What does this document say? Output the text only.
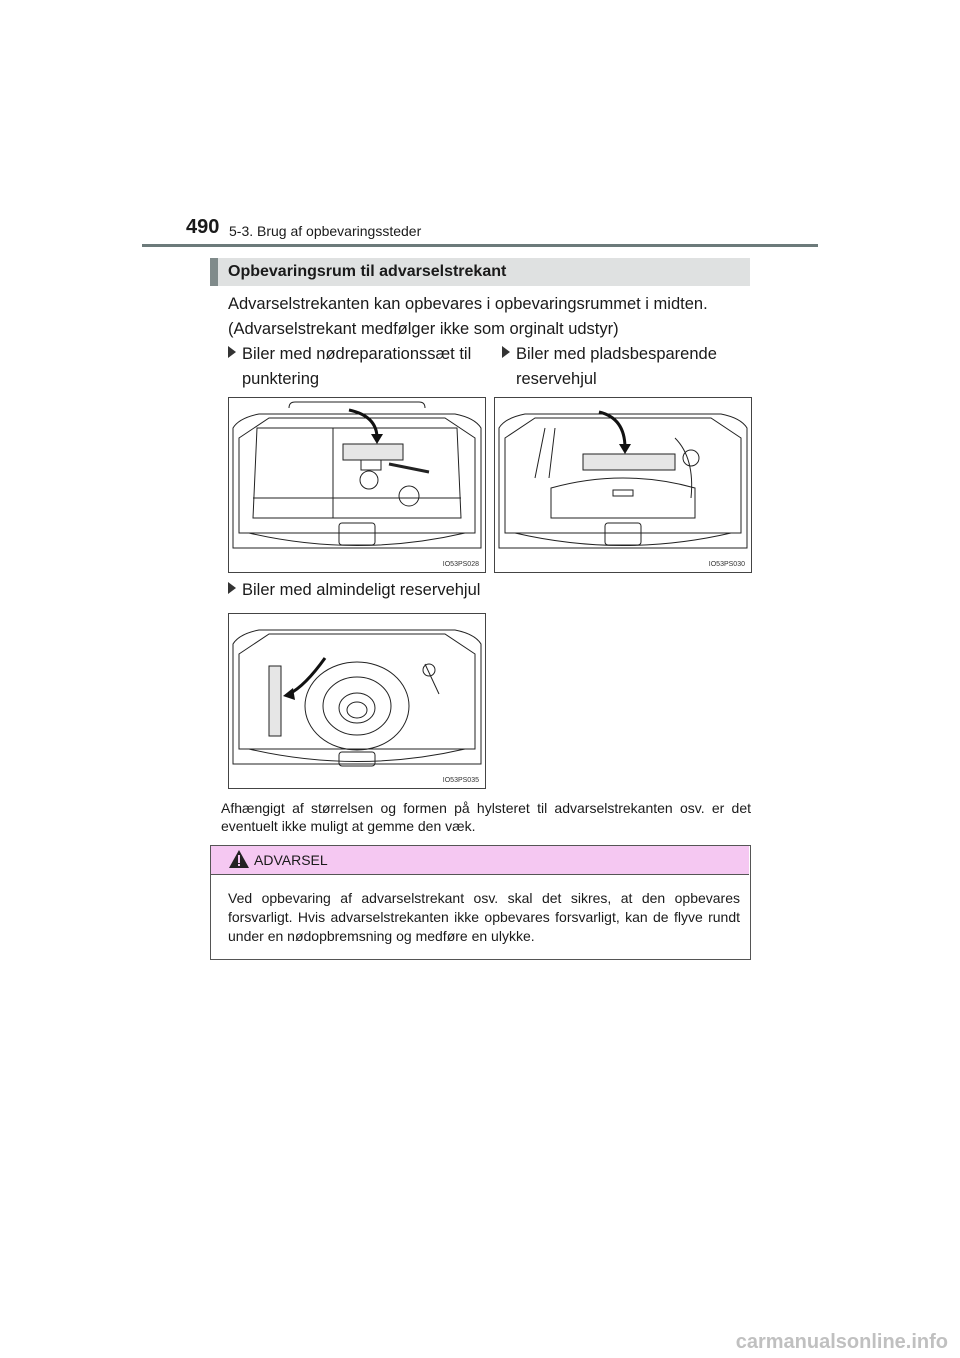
490 5-3. Brug af opbevaringssteder
Opbevaringsrum til advarselstrekant
Advarselstrekanten kan opbevares i opbevaringsrummet i midten.
(Advarselstrekant medfølger ikke som orginalt udstyr)
Biler med nødreparationssæt til
punktering
Biler med pladsbesparende
reservehjul
IO53PS028	IO53PS030
Biler med almindeligt reservehjul
IO53PS035
Afhængigt af størrelsen og formen på hylsteret til advarselstrekanten osv. er det eventuelt ikke muligt at gemme den væk.
ADVARSEL
Ved opbevaring af advarselstrekant osv. skal det sikres, at den opbevares forsvarligt. Hvis advarselstrekanten ikke opbevares forsvarligt, kan de flyve rundt under en nødopbremsning og medføre en ulykke.
carmanualsonline.info
